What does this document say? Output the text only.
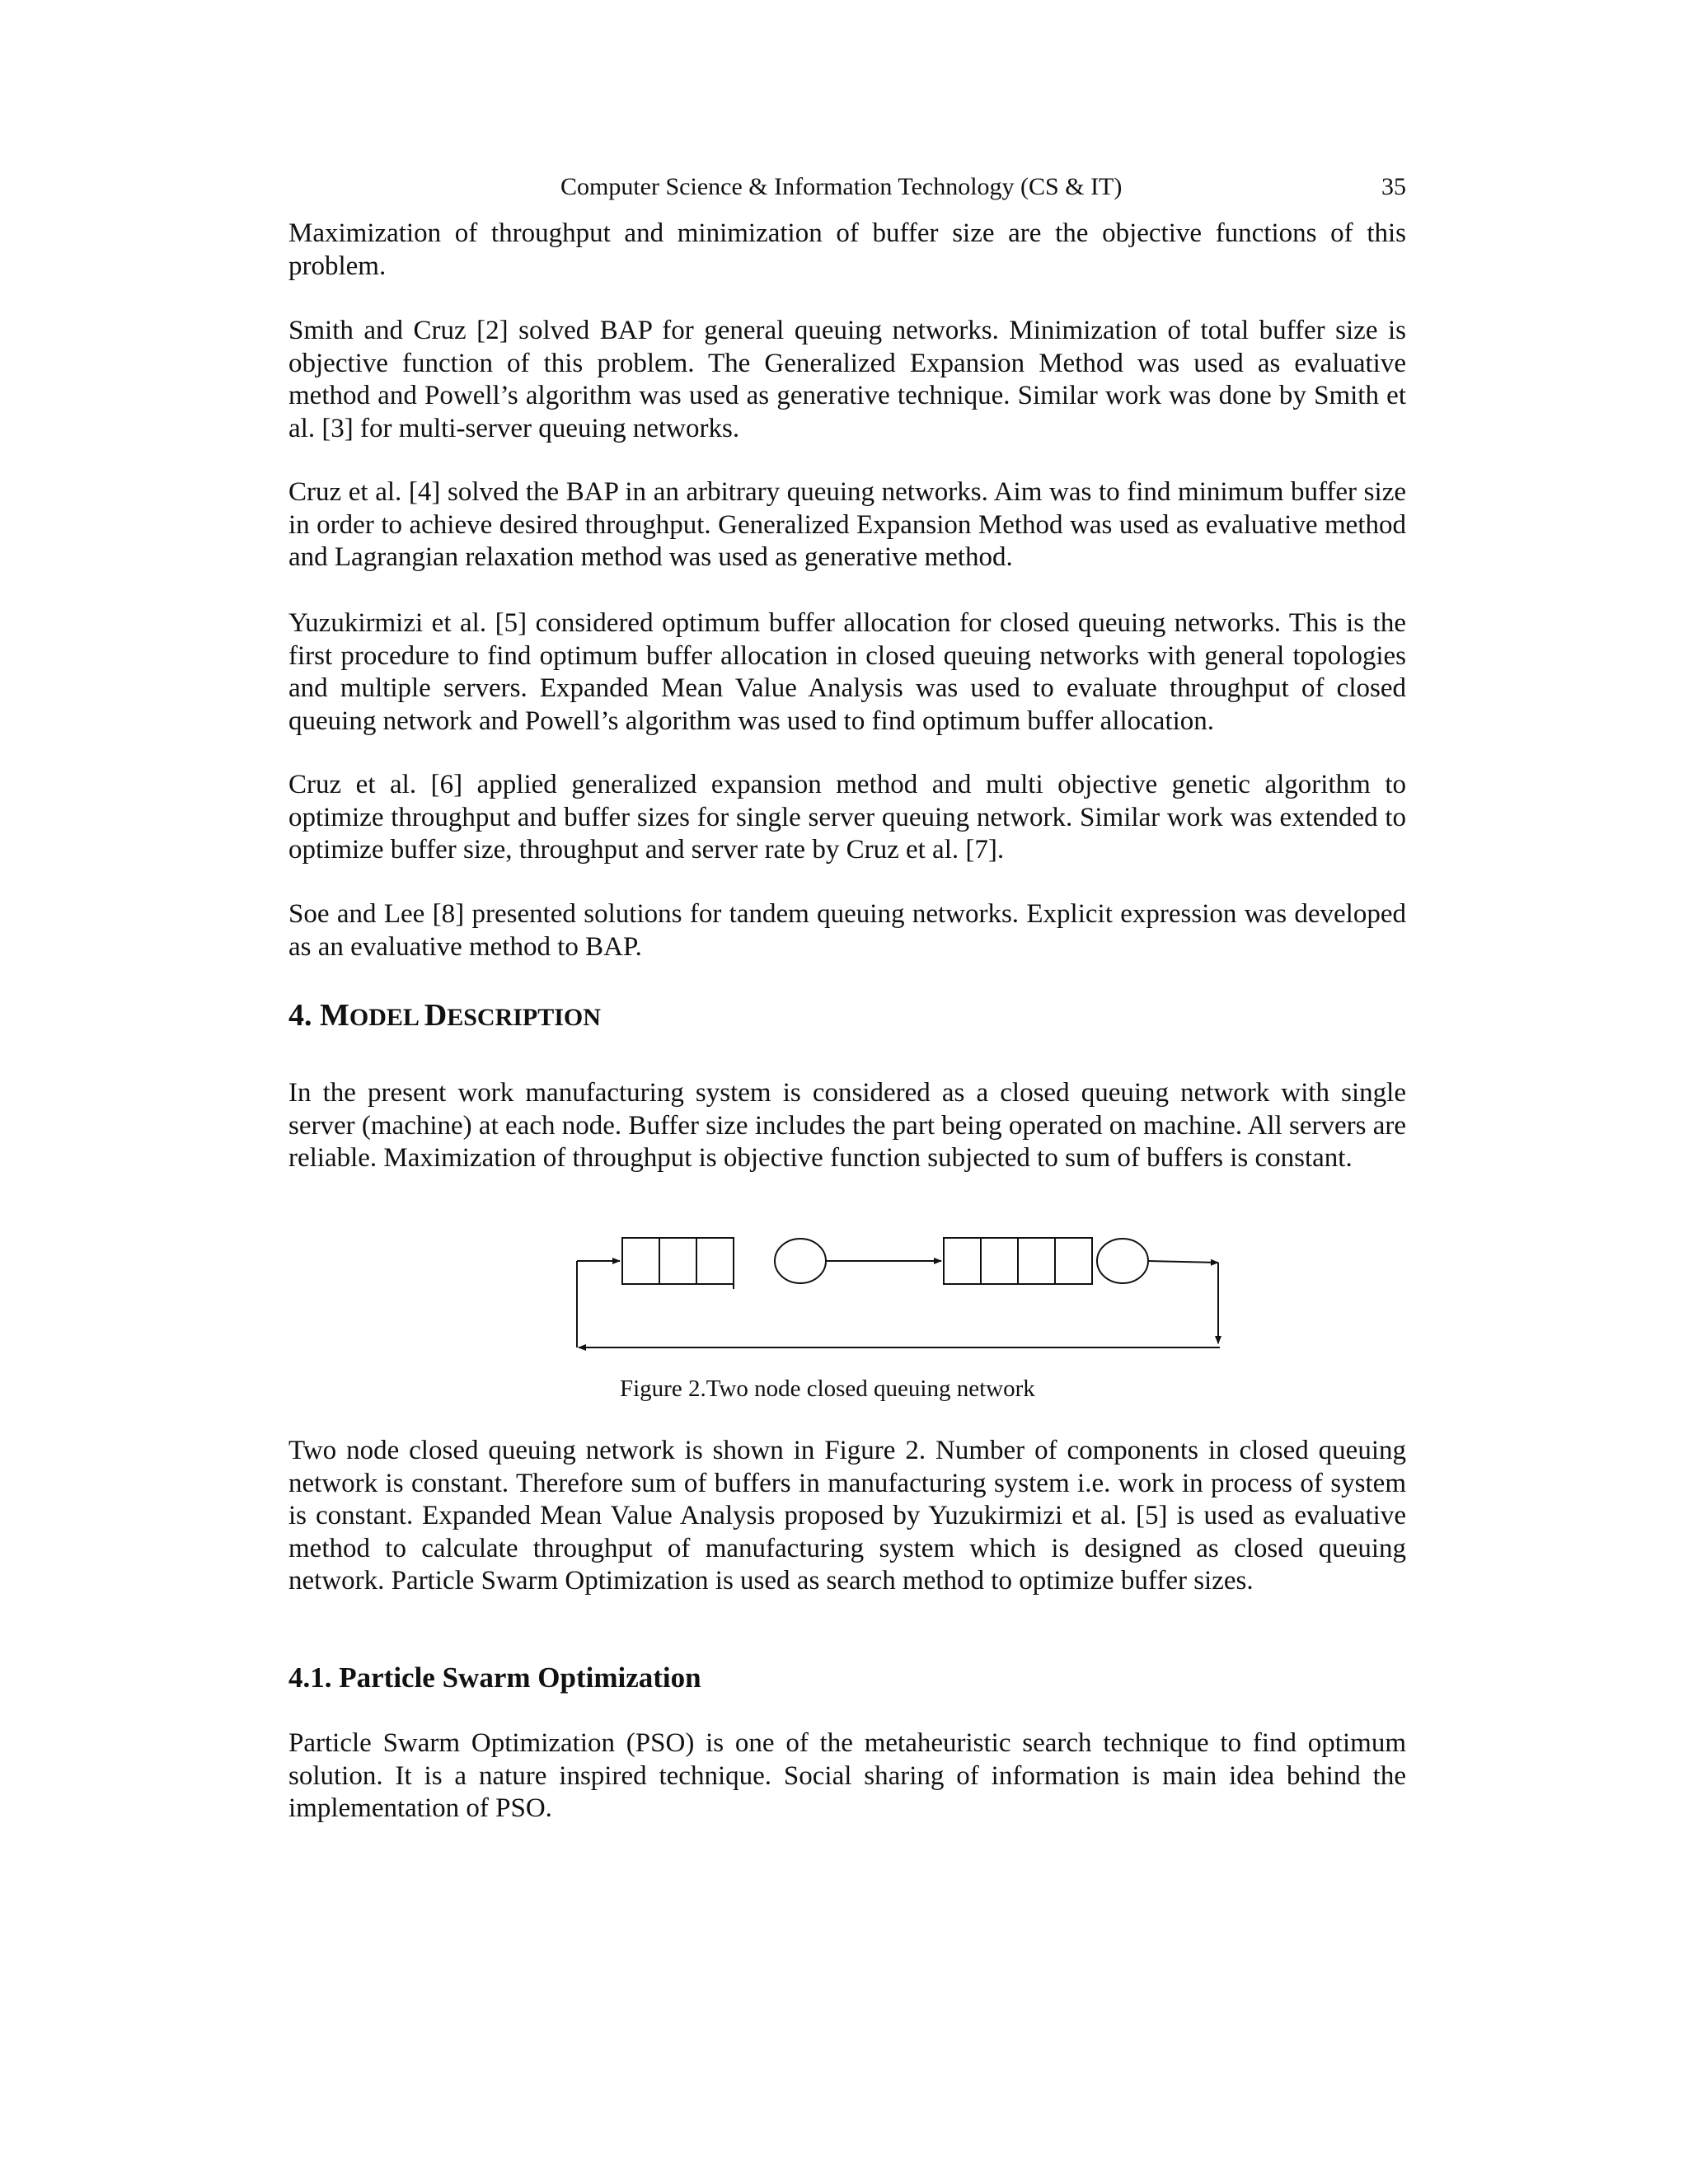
Computer Science & Information Technology (CS & IT)	35

Maximization of throughput and minimization of buffer size are the objective functions of this problem.

Smith and Cruz [2] solved BAP for general queuing networks. Minimization of total buffer size is objective function of this problem. The Generalized Expansion Method was used as evaluative method and Powell’s algorithm was used as generative technique. Similar work was done by Smith et al. [3] for multi-server queuing networks.

Cruz et al. [4] solved the BAP in an arbitrary queuing networks. Aim was to find minimum buffer size in order to achieve desired throughput. Generalized Expansion Method was used as evaluative method and Lagrangian relaxation method was used as generative method.

Yuzukirmizi et al. [5] considered optimum buffer allocation for closed queuing networks. This is the first procedure to find optimum buffer allocation in closed queuing networks with general topologies and multiple servers. Expanded Mean Value Analysis was used to evaluate throughput of closed queuing network and Powell’s algorithm was used to find optimum buffer allocation.

Cruz et al. [6] applied generalized expansion method and multi objective genetic algorithm to optimize throughput and buffer sizes for single server queuing network. Similar work was extended to optimize buffer size, throughput and server rate by Cruz et al. [7].

Soe and Lee [8] presented solutions for tandem queuing networks. Explicit expression was developed as an evaluative method to BAP.

4. MODEL DESCRIPTION

In the present work manufacturing system is considered as a closed queuing network with single server (machine) at each node. Buffer size includes the part being operated on machine. All servers are reliable. Maximization of throughput is objective function subjected to sum of buffers is constant.

Figure 2.Two node closed queuing network

Two node closed queuing network is shown in Figure 2. Number of components in closed queuing network is constant. Therefore sum of buffers in manufacturing system i.e. work in process of system is constant. Expanded Mean Value Analysis proposed by Yuzukirmizi et al. [5] is used as evaluative method to calculate throughput of manufacturing system which is designed as closed queuing network. Particle Swarm Optimization is used as search method to optimize buffer sizes.

4.1. Particle Swarm Optimization

Particle Swarm Optimization (PSO) is one of the metaheuristic search technique to find optimum solution. It is a nature inspired technique. Social sharing of information is main idea behind the implementation of PSO.
